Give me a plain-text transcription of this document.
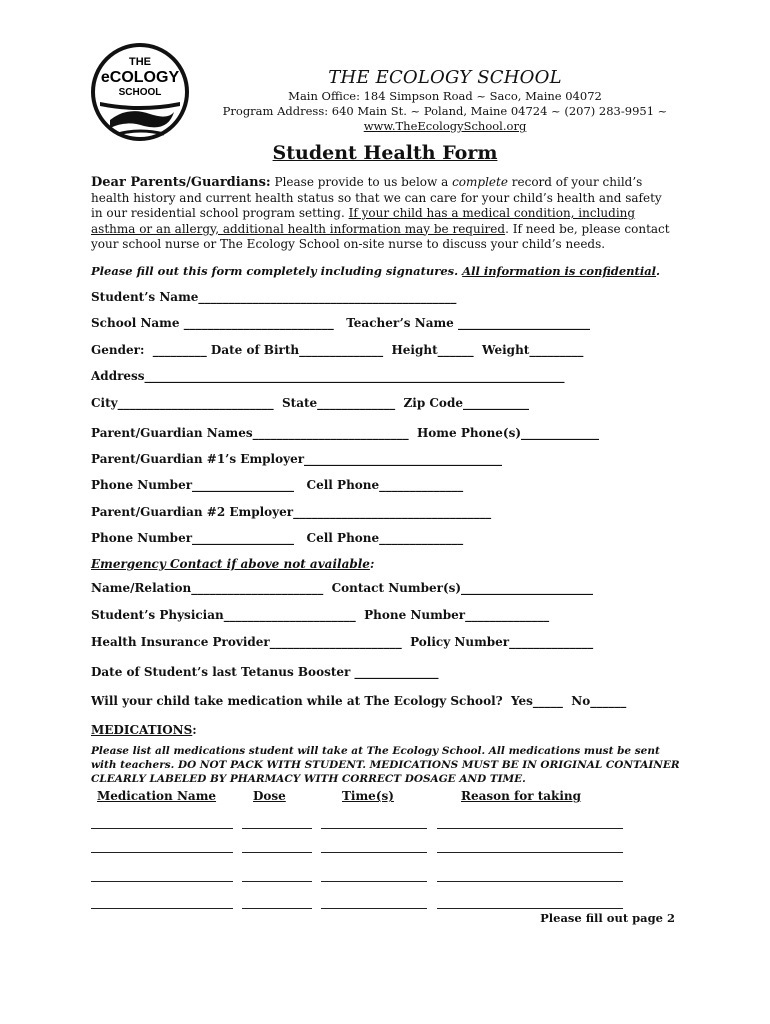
THE
eCOLOGY
SCHOOL
THE ECOLOGY SCHOOL
Main Office: 184 Simpson Road ~ Saco, Maine 04072
Program Address: 640 Main St. ~ Poland, Maine 04724 ~ (207) 283-9951 ~
www.TheEcologySchool.org
Student Health Form
Dear Parents/Guardians: Please provide to us below a complete record of your child’s health history and current health status so that we can care for your child’s health and safety in our residential school program setting. If your child has a medical condition, including asthma or an allergy, additional health information may be required. If need be, please contact your school nurse or The Ecology School on-site nurse to discuss your child’s needs.
Please fill out this form completely including signatures. All information is confidential.
Student’s Name___________________________________________
School Name _________________________   Teacher’s Name ______________________
Gender:  _________ Date of Birth______________  Height______  Weight_________
Address______________________________________________________________________
City__________________________  State_____________  Zip Code___________
Parent/Guardian Names__________________________  Home Phone(s)_____________
Parent/Guardian #1’s Employer_________________________________
Phone Number_________________   Cell Phone______________
Parent/Guardian #2 Employer_________________________________
Phone Number_________________   Cell Phone______________
Emergency Contact if above not available:
Name/Relation______________________  Contact Number(s)______________________
Student’s Physician______________________  Phone Number______________
Health Insurance Provider______________________  Policy Number______________
Date of Student’s last Tetanus Booster ______________
Will your child take medication while at The Ecology School?  Yes_____  No______
MEDICATIONS:
Please list all medications student will take at The Ecology School. All medications must be sent with teachers. DO NOT PACK WITH STUDENT. MEDICATIONS MUST BE IN ORIGINAL CONTAINER CLEARLY LABELED BY PHARMACY WITH CORRECT DOSAGE AND TIME.
Medication Name	Dose	Time(s)	Reason for taking
Please fill out page 2
